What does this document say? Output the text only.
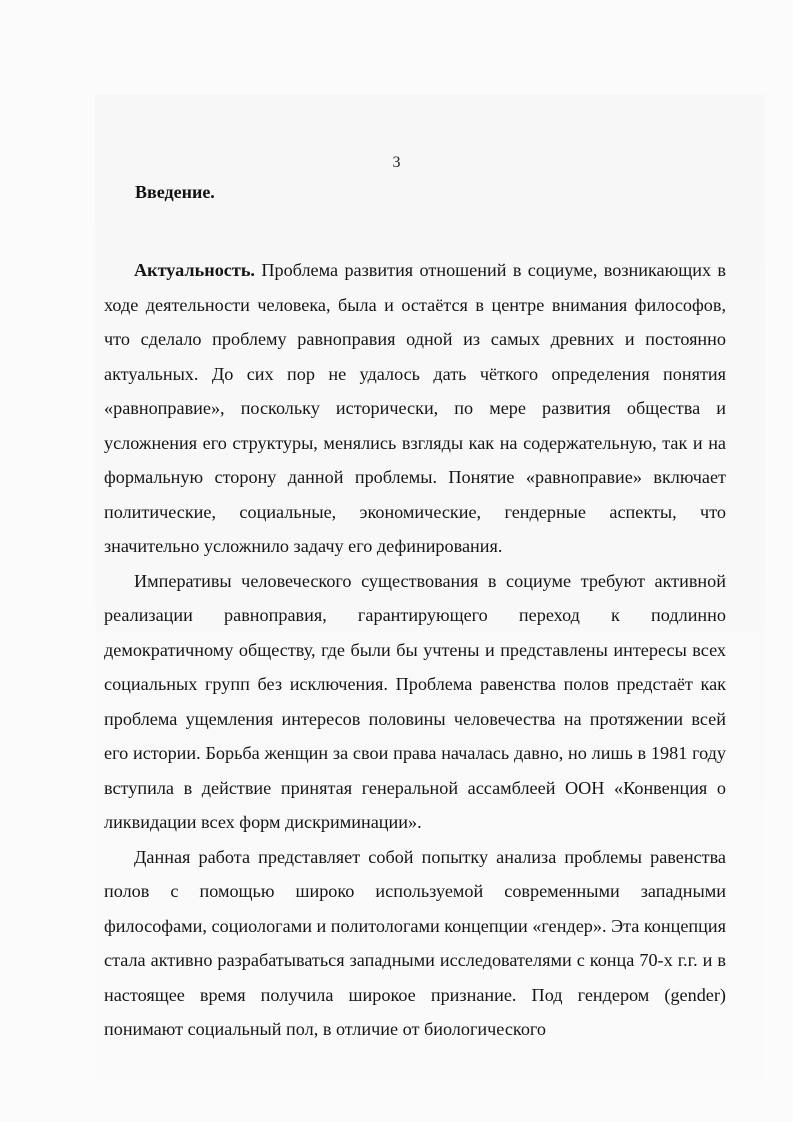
3
Введение.

Актуальность. Проблема развития отношений в социуме, возникающих в ходе деятельности человека, была и остаётся в центре внимания философов, что сделало проблему равноправия одной из самых древних и постоянно актуальных. До сих пор не удалось дать чёткого определения понятия «равноправие», поскольку исторически, по мере развития общества и усложнения его структуры, менялись взгляды как на содержательную, так и на формальную сторону данной проблемы. Понятие «равноправие» включает политические, социальные, экономические, гендерные аспекты, что значительно усложнило задачу его дефинирования.

Императивы человеческого существования в социуме требуют активной реализации равноправия, гарантирующего переход к подлинно демократичному обществу, где были бы учтены и представлены интересы всех социальных групп без исключения. Проблема равенства полов предстаёт как проблема ущемления интересов половины человечества на протяжении всей его истории. Борьба женщин за свои права началась давно, но лишь в 1981 году вступила в действие принятая генеральной ассамблеей ООН «Конвенция о ликвидации всех форм дискриминации».

Данная работа представляет собой попытку анализа проблемы равенства полов с помощью широко используемой современными западными философами, социологами и политологами концепции «гендер». Эта концепция стала активно разрабатываться западными исследователями с конца 70-х г.г. и в настоящее время получила широкое признание. Под гендером (gender) понимают социальный пол, в отличие от биологического
